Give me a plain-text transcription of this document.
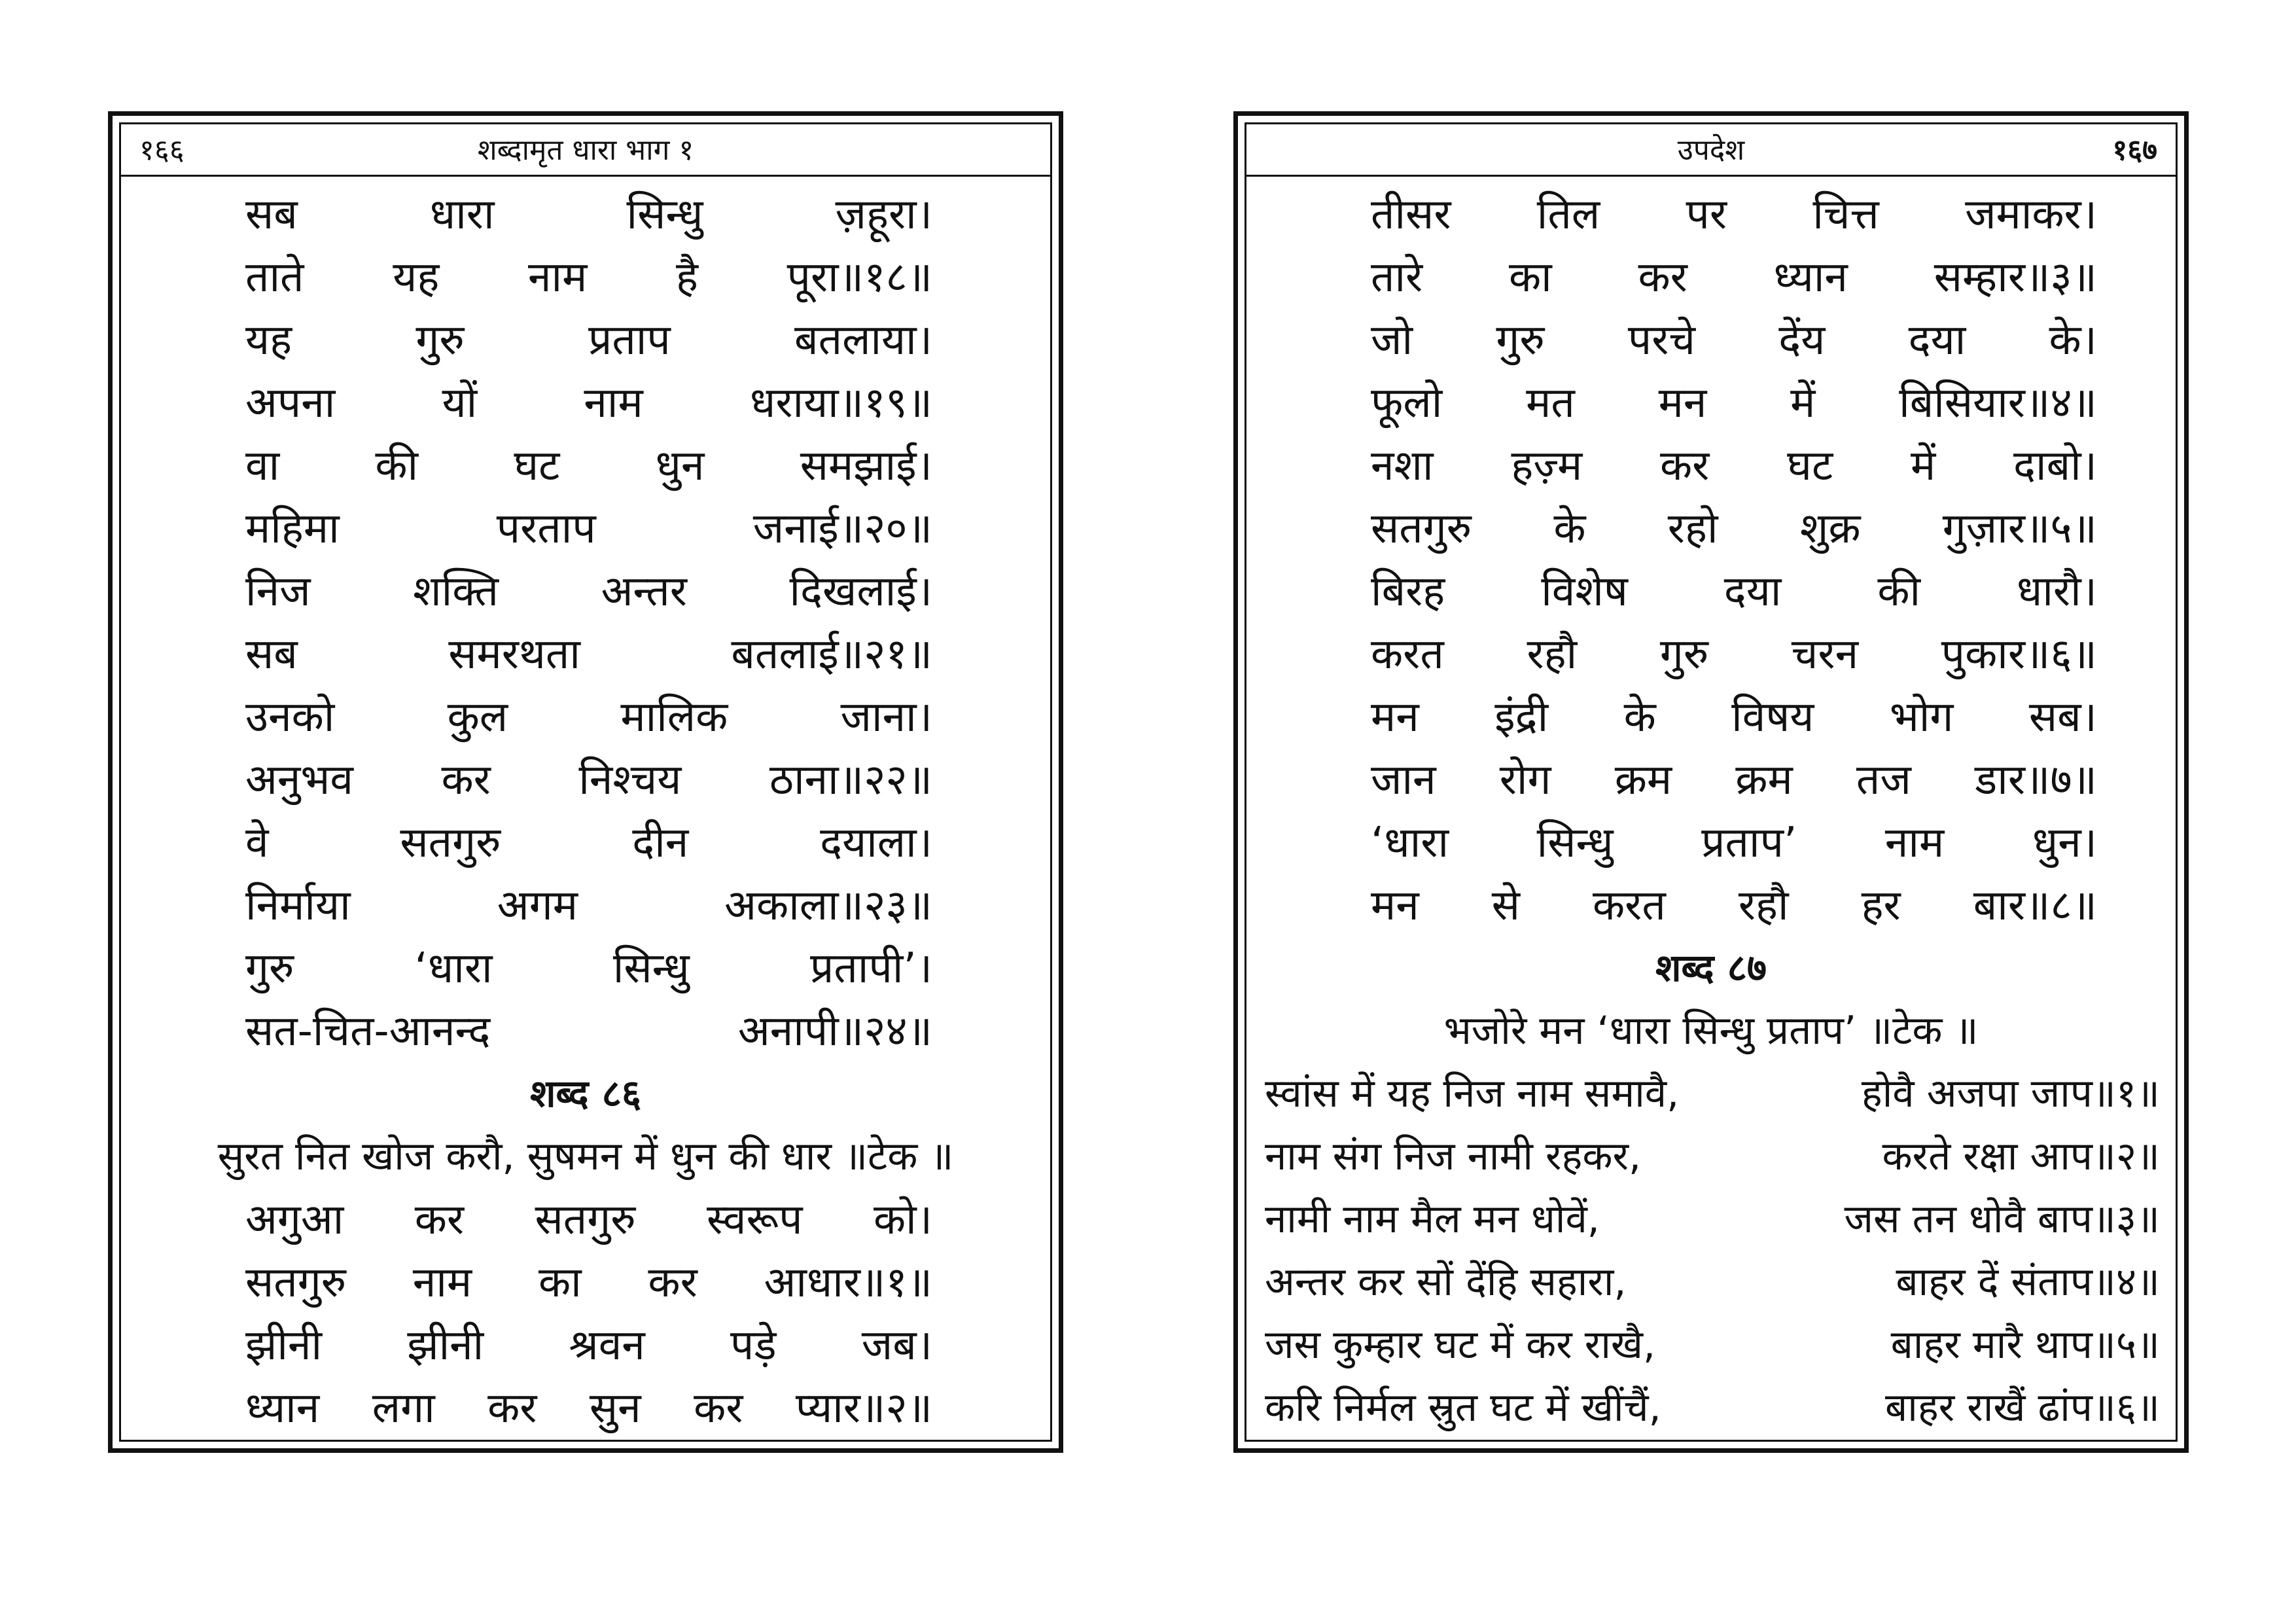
१६६	शब्दामृत धारा भाग १
सब	धारा	सिन्धु	ज़हूरा।
ताते यह नाम है पूरा॥१८॥
यह	गुरु	प्रताप	बतलाया।
अपना	यों	नाम	धराया॥१९॥
वा की घट धुन समझाई।
महिमा	परताप	जनाई॥२०॥
निज शक्ति अन्तर दिखलाई।
सब	समरथता	बतलाई॥२१॥
उनको	कुल	मालिक	जाना।
अनुभव कर निश्चय ठाना॥२२॥
वे	सतगुरु	दीन	दयाला।
निर्माया	अगम	अकाला॥२३॥
गुरु	‘धारा	सिन्धु	प्रतापी’।
सत-चित-आनन्द	अनापी॥२४॥
शब्द ८६
सुरत नित खोज करौ, सुषमन में धुन की धार ॥टेक ॥
अगुआ कर सतगुरु स्वरूप को।
सतगुरु नाम का कर आधार॥१॥
झीनी झीनी श्रवन पड़े जब।
ध्यान लगा कर सुन कर प्यार॥२॥
उपदेश	१६७
तीसर तिल पर चित्त जमाकर।
तारे का कर ध्यान सम्हार॥३॥
जो गुरु परचे देंय दया के।
फूलो मत मन में बिसियार॥४॥
नशा हज़्म कर घट में दाबो।
सतगुरु के रहो शुक्र गुज़ार॥५॥
बिरह विशेष दया की धारौ।
करत रहौ गुरु चरन पुकार॥६॥
मन इंद्री के विषय भोग सब।
जान रोग क्रम क्रम तज डार॥७॥
‘धारा सिन्धु प्रताप’ नाम धुन।
मन से करत रहौ हर बार॥८॥
शब्द ८७
भजोरे मन ‘धारा सिन्धु प्रताप’ ॥टेक ॥
स्वांस में यह निज नाम समावै,	होवै अजपा जाप॥१॥
नाम संग निज नामी रहकर,	करते रक्षा आप॥२॥
नामी नाम मैल मन धोवें,	जस तन धोवै बाप॥३॥
अन्तर कर सों देंहि सहारा,	बाहर दें संताप॥४॥
जस कुम्हार घट में कर राखै,	बाहर मारै थाप॥५॥
करि निर्मल स्रुत घट में खींचैं,	बाहर राखैं ढांप॥६॥
